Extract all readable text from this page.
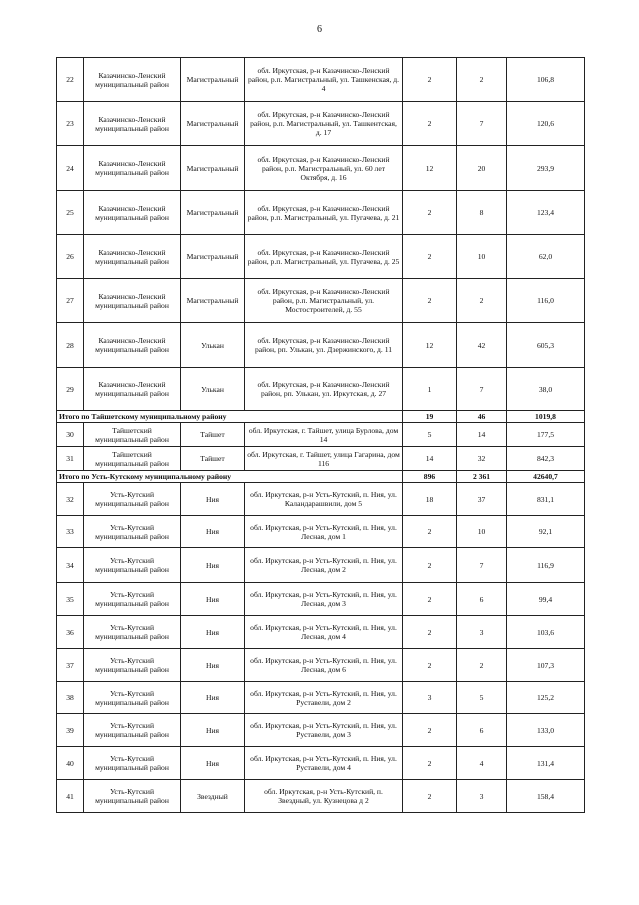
6
22	Казачинско-Ленский муниципальный район	Магистральный	обл. Иркутская, р-н Казачинско-Ленский район, р.п. Магистральный, ул. Ташкенская, д. 4	2	2	106,8
23	Казачинско-Ленский муниципальный район	Магистральный	обл. Иркутская, р-н Казачинско-Ленский район, р.п. Магистральный, ул. Ташкентская, д. 17	2	7	120,6
24	Казачинско-Ленский муниципальный район	Магистральный	обл. Иркутская, р-н Казачинско-Ленский район, р.п. Магистральный, ул. 60 лет Октября, д. 16	12	20	293,9
25	Казачинско-Ленский муниципальный район	Магистральный	обл. Иркутская, р-н Казачинско-Ленский район, р.п. Магистральный, ул. Пугачева, д. 21	2	8	123,4
26	Казачинско-Ленский муниципальный район	Магистральный	обл. Иркутская, р-н Казачинско-Ленский район, р.п. Магистральный, ул. Пугачева, д. 25	2	10	62,0
27	Казачинско-Ленский муниципальный район	Магистральный	обл. Иркутская, р-н Казачинско-Ленский район, р.п. Магистральный, ул. Мостостроителей, д. 55	2	2	116,0
28	Казачинско-Ленский муниципальный район	Улькан	обл. Иркутская, р-н Казачинско-Ленский район, рп. Улькан, ул. Дзержинского, д. 11	12	42	605,3
29	Казачинско-Ленский муниципальный район	Улькан	обл. Иркутская, р-н Казачинско-Ленский район, рп. Улькан, ул. Иркутская, д. 27	1	7	38,0
Итого по Тайшетскому муниципальному району				19	46	1019,8
30	Тайшетский муниципальный район	Тайшет	обл. Иркутская, г. Тайшет, улица Бурлова, дом 14	5	14	177,5
31	Тайшетский муниципальный район	Тайшет	обл. Иркутская, г. Тайшет, улица Гагарина, дом 116	14	32	842,3
Итого по Усть-Кутскому муниципальному району				896	2 361	42640,7
32	Усть-Кутский муниципальный район	Ния	обл. Иркутская, р-н Усть-Кутский, п. Ния, ул. Каландарашвили, дом 5	18	37	831,1
33	Усть-Кутский муниципальный район	Ния	обл. Иркутская, р-н Усть-Кутский, п. Ния, ул. Лесная, дом 1	2	10	92,1
34	Усть-Кутский муниципальный район	Ния	обл. Иркутская, р-н Усть-Кутский, п. Ния, ул. Лесная, дом 2	2	7	116,9
35	Усть-Кутский муниципальный район	Ния	обл. Иркутская, р-н Усть-Кутский, п. Ния, ул. Лесная, дом 3	2	6	99,4
36	Усть-Кутский муниципальный район	Ния	обл. Иркутская, р-н Усть-Кутский, п. Ния, ул. Лесная, дом 4	2	3	103,6
37	Усть-Кутский муниципальный район	Ния	обл. Иркутская, р-н Усть-Кутский, п. Ния, ул. Лесная, дом 6	2	2	107,3
38	Усть-Кутский муниципальный район	Ния	обл. Иркутская, р-н Усть-Кутский, п. Ния, ул. Руставели, дом 2	3	5	125,2
39	Усть-Кутский муниципальный район	Ния	обл. Иркутская, р-н Усть-Кутский, п. Ния, ул. Руставели, дом 3	2	6	133,0
40	Усть-Кутский муниципальный район	Ния	обл. Иркутская, р-н Усть-Кутский, п. Ния, ул. Руставели, дом 4	2	4	131,4
41	Усть-Кутский муниципальный район	Звездный	обл. Иркутская, р-н Усть-Кутский, п. Звездный, ул. Кузнецова д 2	2	3	158,4
